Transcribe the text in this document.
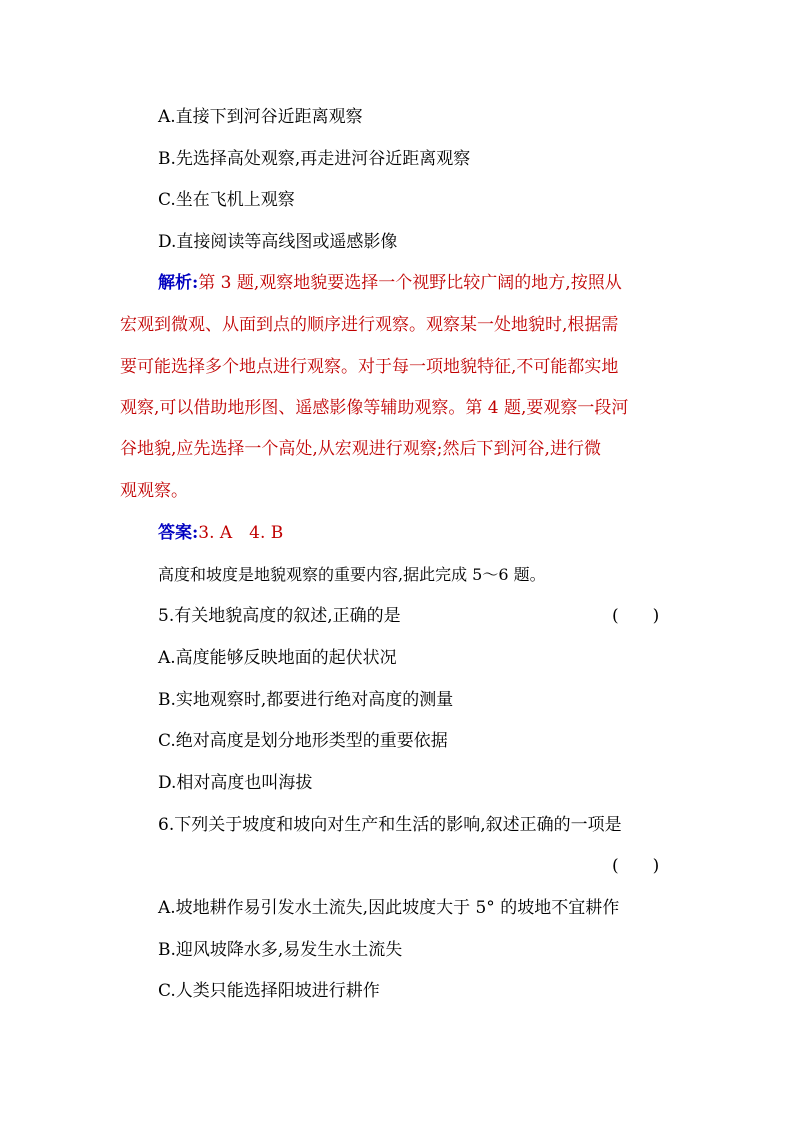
A.直接下到河谷近距离观察
B.先选择高处观察,再走进河谷近距离观察
C.坐在飞机上观察
D.直接阅读等高线图或遥感影像
解析:第 3 题,观察地貌要选择一个视野比较广阔的地方,按照从
宏观到微观、从面到点的顺序进行观察。观察某一处地貌时,根据需
要可能选择多个地点进行观察。对于每一项地貌特征,不可能都实地
观察,可以借助地形图、遥感影像等辅助观察。第 4 题,要观察一段河
谷地貌,应先选择一个高处,从宏观进行观察;然后下到河谷,进行微
观观察。
答案:3. A　4. B
高度和坡度是地貌观察的重要内容,据此完成 5～6 题。
5.有关地貌高度的叙述,正确的是	(　　)
A.高度能够反映地面的起伏状况
B.实地观察时,都要进行绝对高度的测量
C.绝对高度是划分地形类型的重要依据
D.相对高度也叫海拔
6.下列关于坡度和坡向对生产和生活的影响,叙述正确的一项是
(　　)
A.坡地耕作易引发水土流失,因此坡度大于 5° 的坡地不宜耕作
B.迎风坡降水多,易发生水土流失
C.人类只能选择阳坡进行耕作
